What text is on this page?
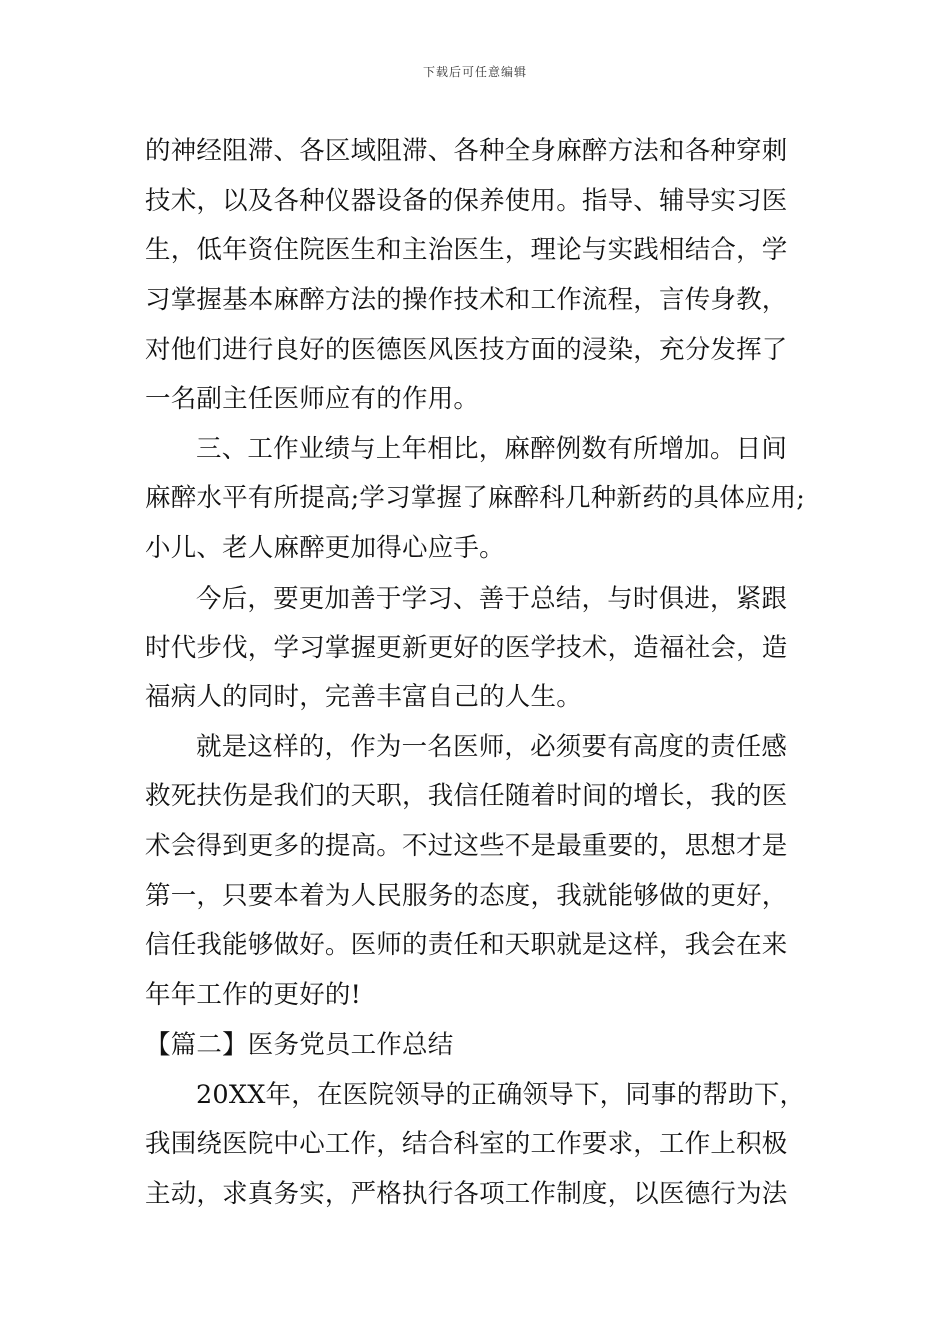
下载后可任意编辑
的神经阻滞、各区域阻滞、各种全身麻醉方法和各种穿刺
技术，以及各种仪器设备的保养使用。指导、辅导实习医
生，低年资住院医生和主治医生，理论与实践相结合，学
习掌握基本麻醉方法的操作技术和工作流程，言传身教，
对他们进行良好的医德医风医技方面的浸染，充分发挥了
一名副主任医师应有的作用。
三、工作业绩与上年相比，麻醉例数有所增加。日间
麻醉水平有所提高;学习掌握了麻醉科几种新药的具体应用;
小儿、老人麻醉更加得心应手。
今后，要更加善于学习、善于总结，与时俱进，紧跟
时代步伐，学习掌握更新更好的医学技术，造福社会，造
福病人的同时，完善丰富自己的人生。
就是这样的，作为一名医师，必须要有高度的责任感
救死扶伤是我们的天职，我信任随着时间的增长，我的医
术会得到更多的提高。不过这些不是最重要的，思想才是
第一，只要本着为人民服务的态度，我就能够做的更好，
信任我能够做好。医师的责任和天职就是这样，我会在来
年年工作的更好的!
【篇二】医务党员工作总结
20XX年，在医院领导的正确领导下，同事的帮助下，
我围绕医院中心工作，结合科室的工作要求，工作上积极
主动，求真务实，严格执行各项工作制度，以医德行为法
